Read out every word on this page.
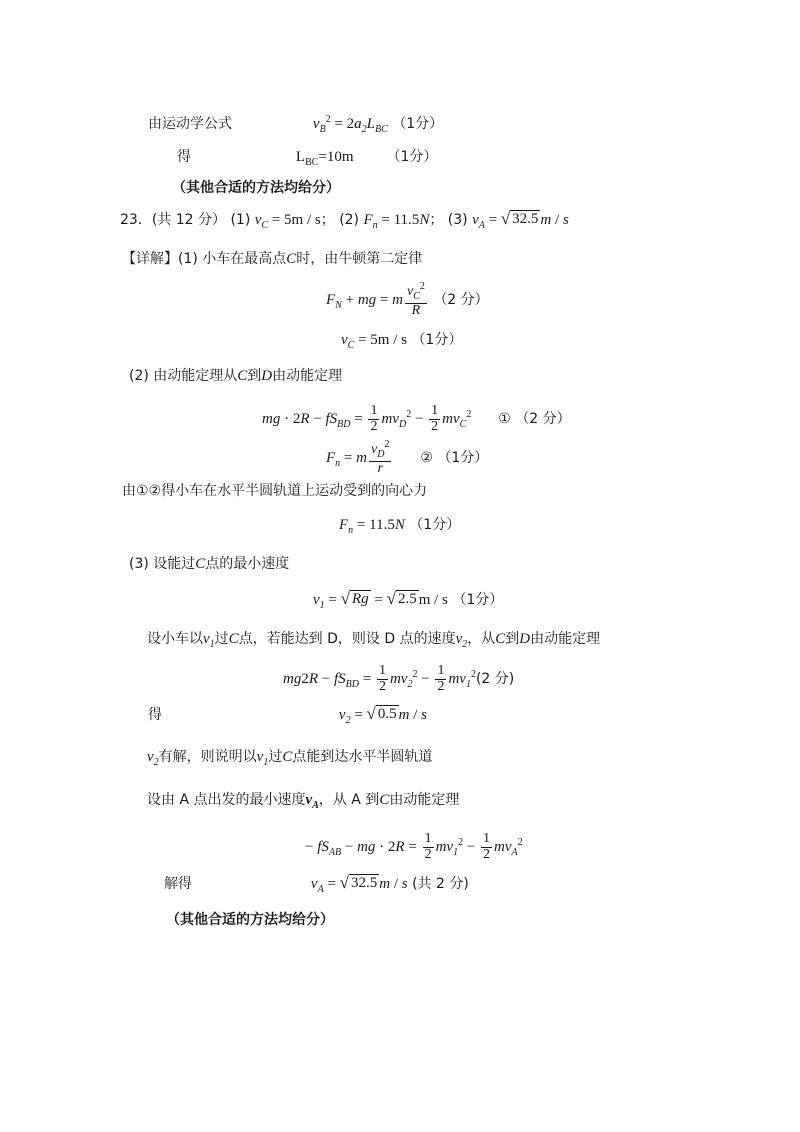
由运动学公式	$v_B^2 = 2a_2L_{BC}$ （1分）
得	$L_{BC}=10m$ （1分）
（其他合适的方法均给分）
23．(共 12 分） (1) $v_C = 5m / s$； (2) $F_n = 11.5N$； (3) $v_A$ = √ 32.5 m / s
【详解】(1) 小车在最高点C时，由牛顿第二定律
$F_N$ + mg = m $\frac{v_C^2}{R} (2$ 分）
$v_C = 5m / s$ （1分）
(2) 由动能定理从C到D由动能定理
mg · $2R - fS_{BD} = \frac{1}{2} mv_D^2 - \frac{1}{2} mv_C^2$ ① （2 分）
$F_n = m \frac{v_D^2}{r}$ ② （1分）
由①②得小车在水平半圆轨道上运动受到的向心力
$F_n = 11.5N$ （1分）
(3) 设能过C点的最小速度
$v_1$ = √ Rg = √ 2.5 m / s （1分）
设小车以$v_1$过C点，若能达到 D，则设 D 点的速度$v_2$，从C到D由动能定理
$mg2R - fS_{BD} = \frac{1}{2} mv_2^2 - \frac{1}{2} mv_1^2(2$ 分)
得	$v_2$ = √ 0.5 m / s
$v_2$有解，则说明以$v_1$过C点能到达水平半圆轨道
设由 A 点出发的最小速度$v_A$，从 A 到C由动能定理
− $fS_{AB}$ − mg · $2R = \frac{1}{2} mv_1^2 - \frac{1}{2} mv_A^2$
解得	$v_A$ = √ 32.5 m / s (共 2 分)
（其他合适的方法均给分）
